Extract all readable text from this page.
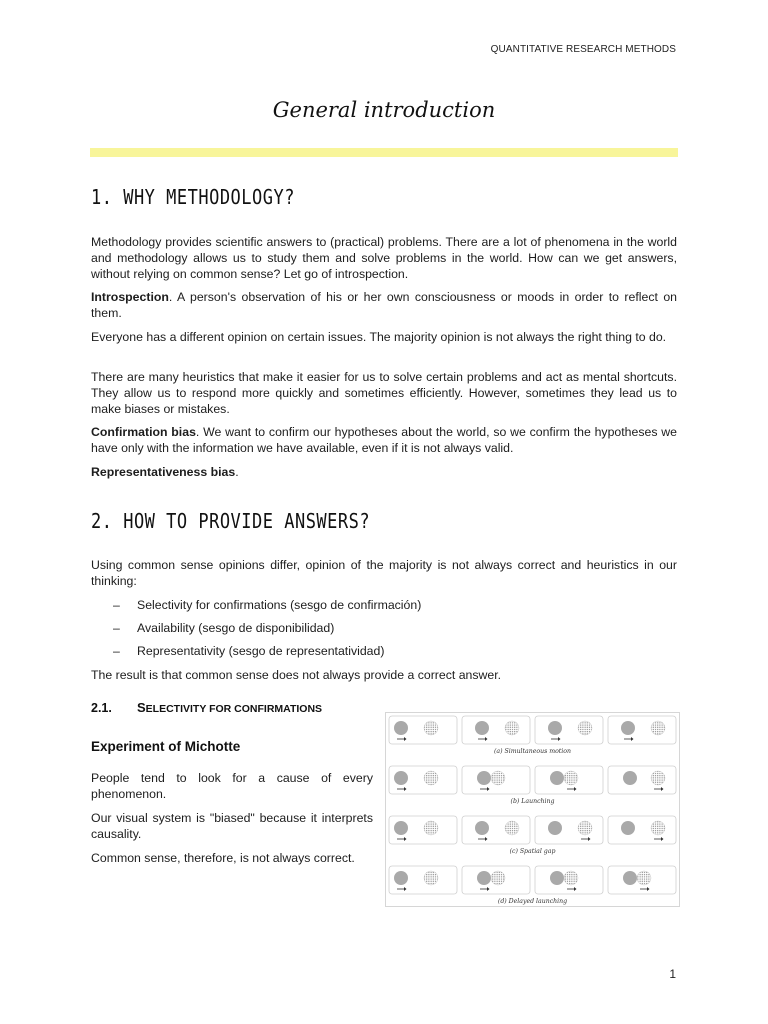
QUANTITATIVE RESEARCH METHODS
General introduction
1. WHY METHODOLOGY?

Methodology provides scientific answers to (practical) problems. There are a lot of phenomena in the world and methodology allows us to study them and solve problems in the world. How can we get answers, without relying on common sense? Let go of introspection.

Introspection. A person's observation of his or her own consciousness or moods in order to reflect on them.

Everyone has a different opinion on certain issues. The majority opinion is not always the right thing to do.

There are many heuristics that make it easier for us to solve certain problems and act as mental shortcuts. They allow us to respond more quickly and sometimes efficiently. However, sometimes they lead us to make biases or mistakes.

Confirmation bias. We want to confirm our hypotheses about the world, so we confirm the hypotheses we have only with the information we have available, even if it is not always valid.

Representativeness bias.

2. HOW TO PROVIDE ANSWERS?

Using common sense opinions differ, opinion of the majority is not always correct and heuristics in our thinking:

– Selectivity for confirmations (sesgo de confirmación)
– Availability (sesgo de disponibilidad)
– Representativity (sesgo de representatividad)

The result is that common sense does not always provide a correct answer.

2.1. SELECTIVITY FOR CONFIRMATIONS
Experiment of Michotte

People tend to look for a cause of every phenomenon.

Our visual system is "biased" because it interprets causality.

Common sense, therefore, is not always correct.

(a) Simultaneous motion
(b) Launching
(c) Spatial gap
(d) Delayed launching
1
